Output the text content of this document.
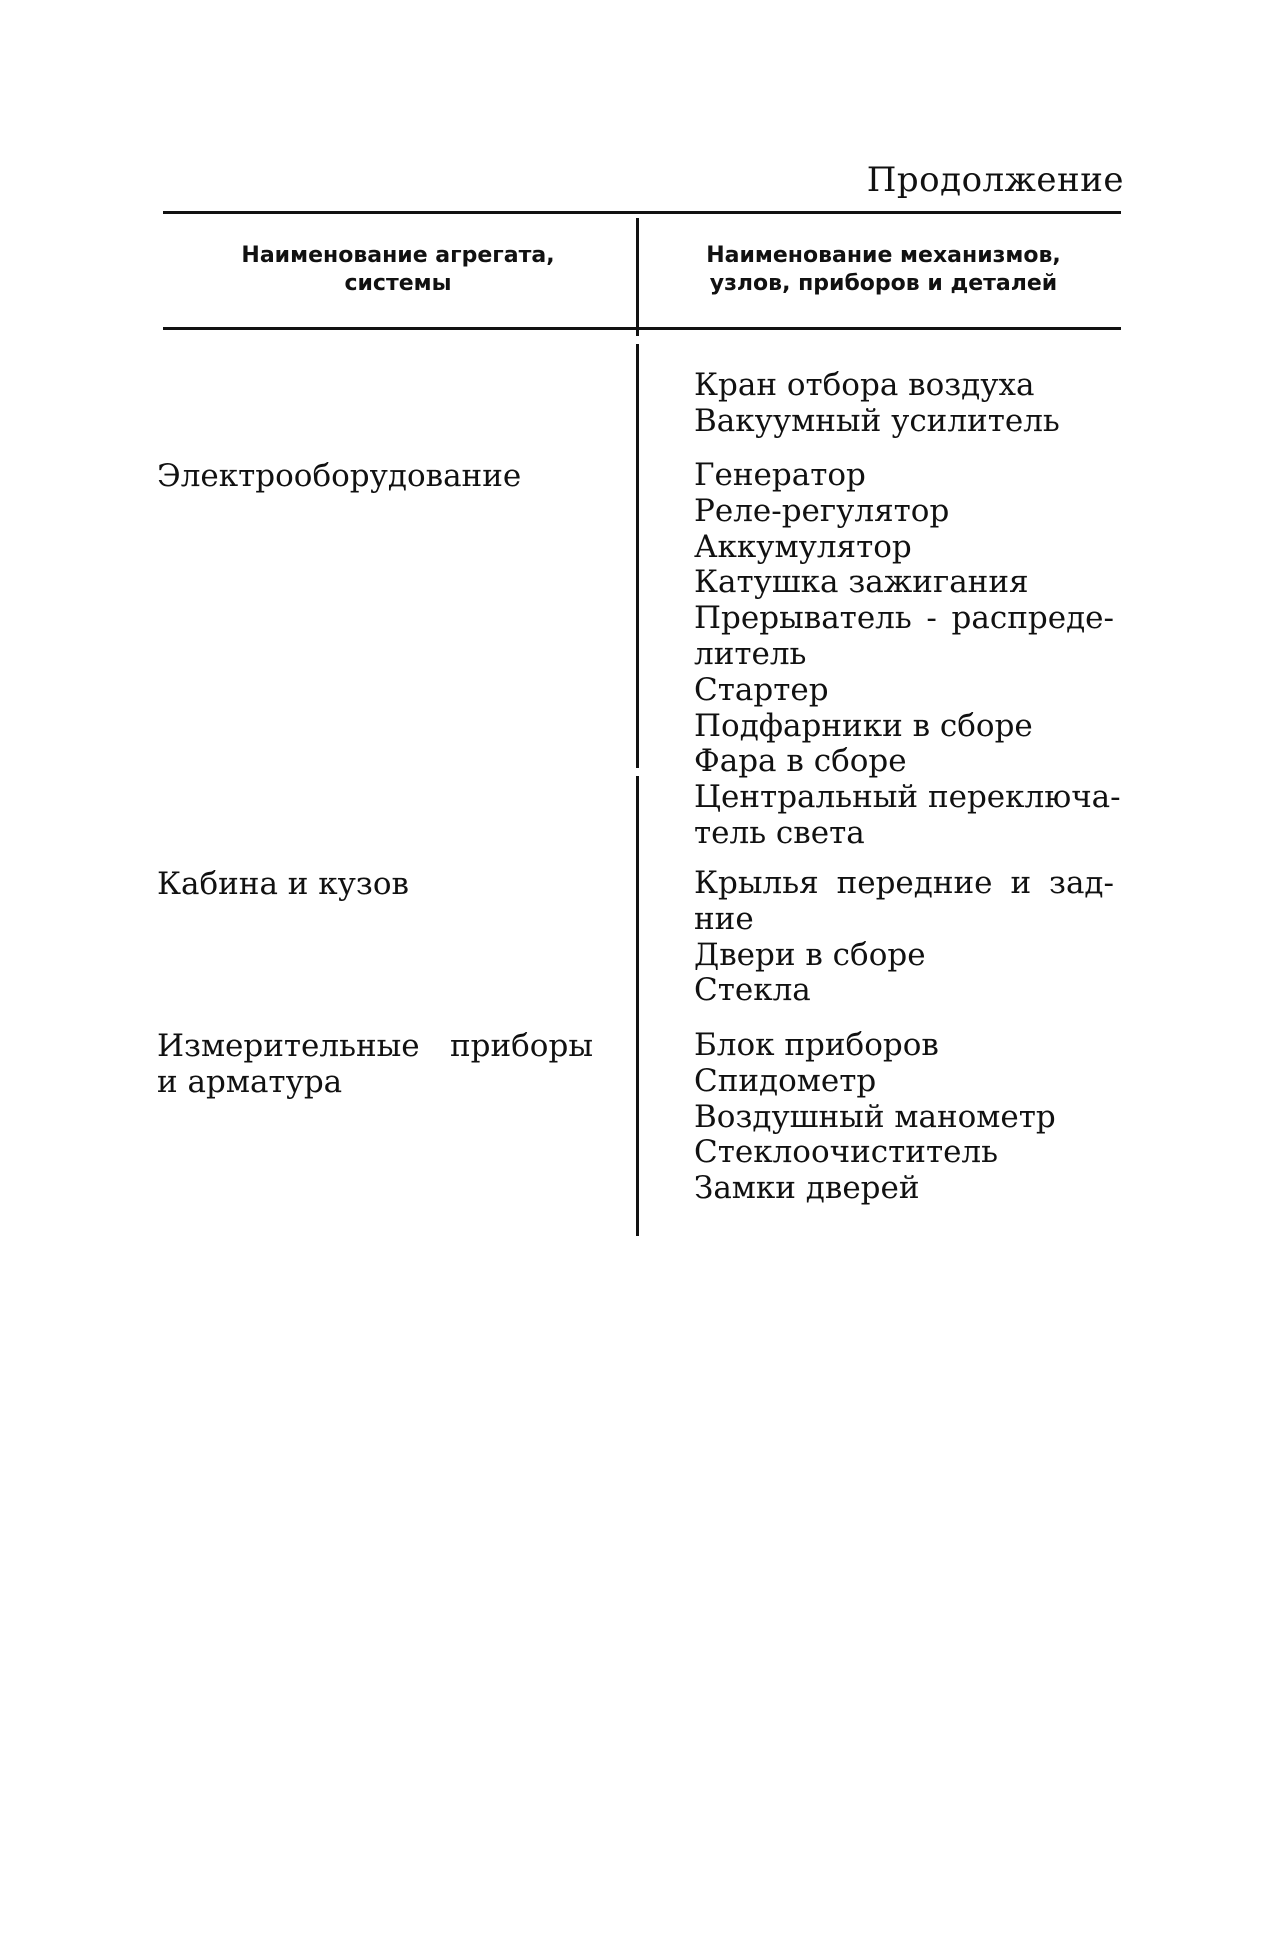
Продолжение
Наименование агрегата,
системы
Наименование механизмов,
узлов, приборов и деталей
Кран отбора воздуха
Вакуумный усилитель
Электрооборудование	Генератор
Реле-регулятор
Аккумулятор
Катушка зажигания
Прерыватель - распреде-
литель
Стартер
Подфарники в сборе
Фара в сборе
Центральный переключа-
тель света
Кабина и кузов	Крылья передние и зад-
ние
Двери в сборе
Стекла
Измерительные приборы
и арматура
Блок приборов
Спидометр
Воздушный манометр
Стеклоочиститель
Замки дверей
